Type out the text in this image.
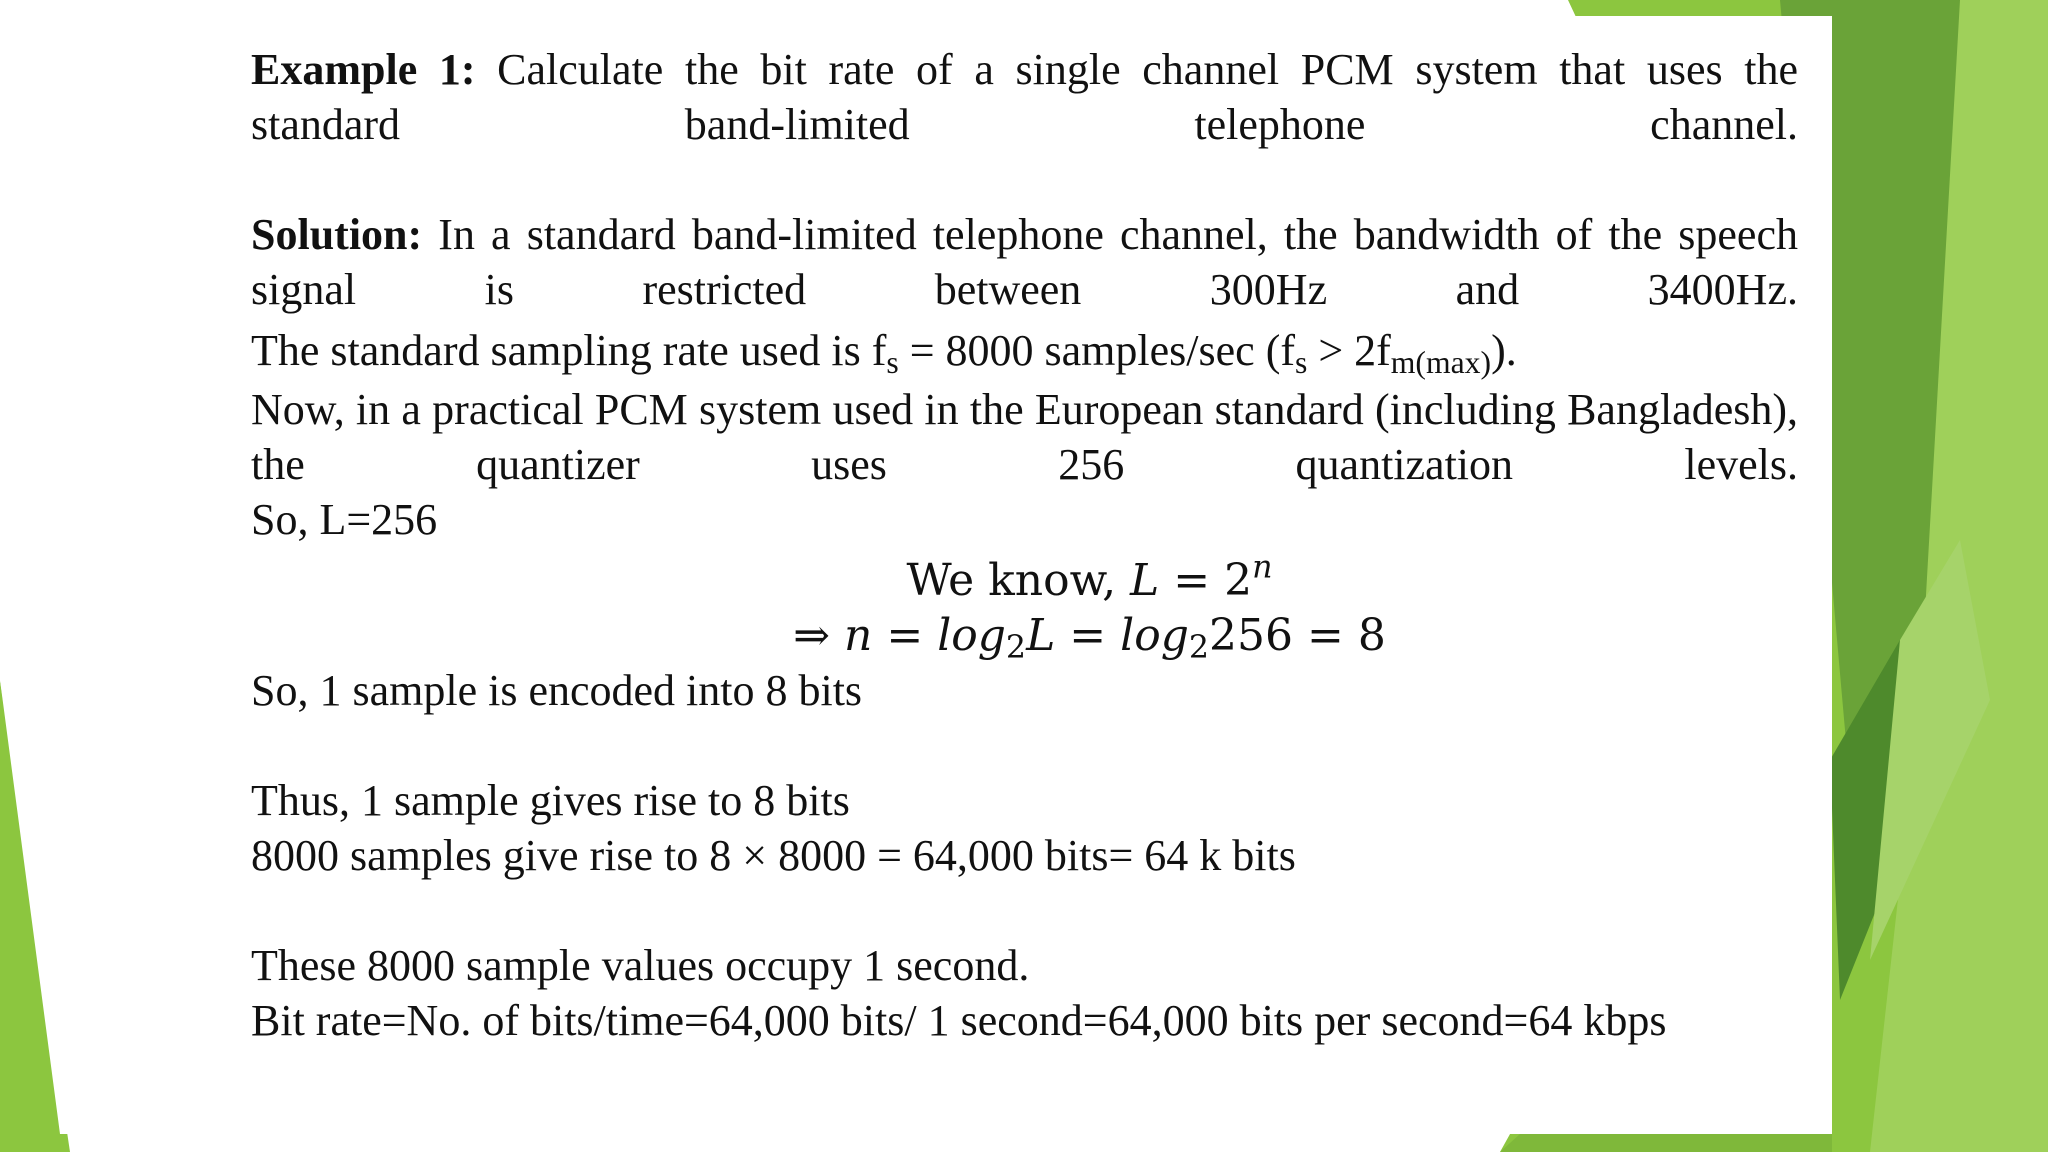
Example 1: Calculate the bit rate of a single channel PCM system that uses the standard band-limited telephone channel.

Solution: In a standard band-limited telephone channel, the bandwidth of the speech signal is restricted between 300Hz and 3400Hz.

The standard sampling rate used is $f_s = 8000$ samples/sec $(f_s > 2f_{m(max)})$.

Now, in a practical PCM system used in the European standard (including Bangladesh), the quantizer uses 256 quantization levels.

So, L=256

We know, $L = 2^n$

⇒ $n = \log_2L = \log_2256 = 8$

So, 1 sample is encoded into 8 bits

Thus, 1 sample gives rise to 8 bits

8000 samples give rise to 8 × 8000 = 64,000 bits= 64 k bits

These 8000 sample values occupy 1 second.

Bit rate=No. of bits/time=64,000 bits/ 1 second=64,000 bits per second=64 kbps
